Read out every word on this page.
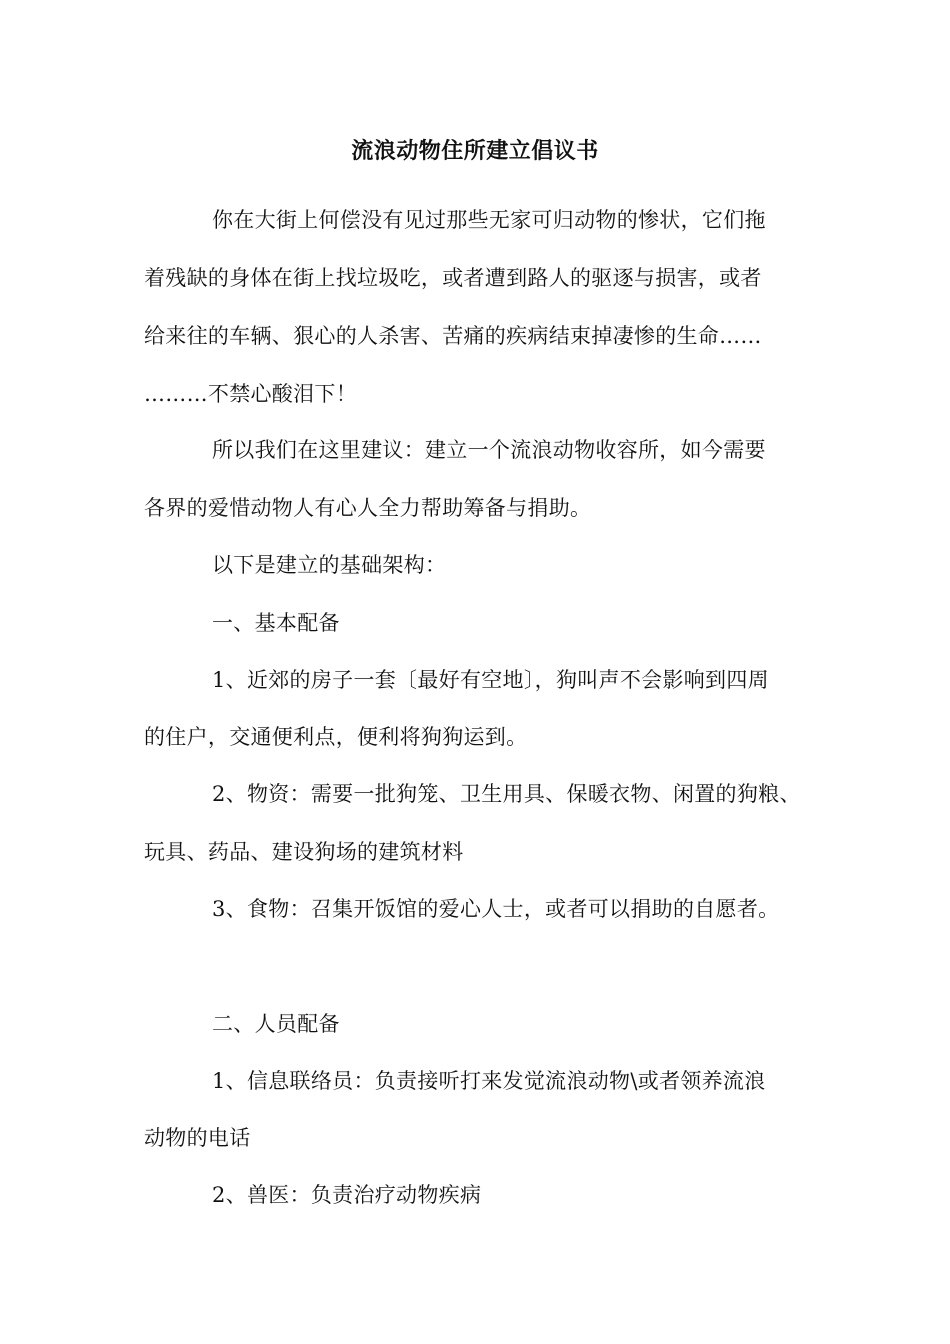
流浪动物住所建立倡议书
你在大街上何偿没有见过那些无家可归动物的惨状，它们拖
着残缺的身体在街上找垃圾吃，或者遭到路人的驱逐与损害，或者
给来往的车辆、狠心的人杀害、苦痛的疾病结束掉凄惨的生命……
………不禁心酸泪下！
所以我们在这里建议：建立一个流浪动物收容所，如今需要
各界的爱惜动物人有心人全力帮助筹备与捐助。
以下是建立的基础架构：
一、基本配备
1、近郊的房子一套〔最好有空地〕，狗叫声不会影响到四周
的住户，交通便利点，便利将狗狗运到。
2、物资：需要一批狗笼、卫生用具、保暖衣物、闲置的狗粮、
玩具、药品、建设狗场的建筑材料
3、食物：召集开饭馆的爱心人士，或者可以捐助的自愿者。
二、人员配备
1、信息联络员：负责接听打来发觉流浪动物\或者领养流浪
动物的电话
2、兽医：负责治疗动物疾病
